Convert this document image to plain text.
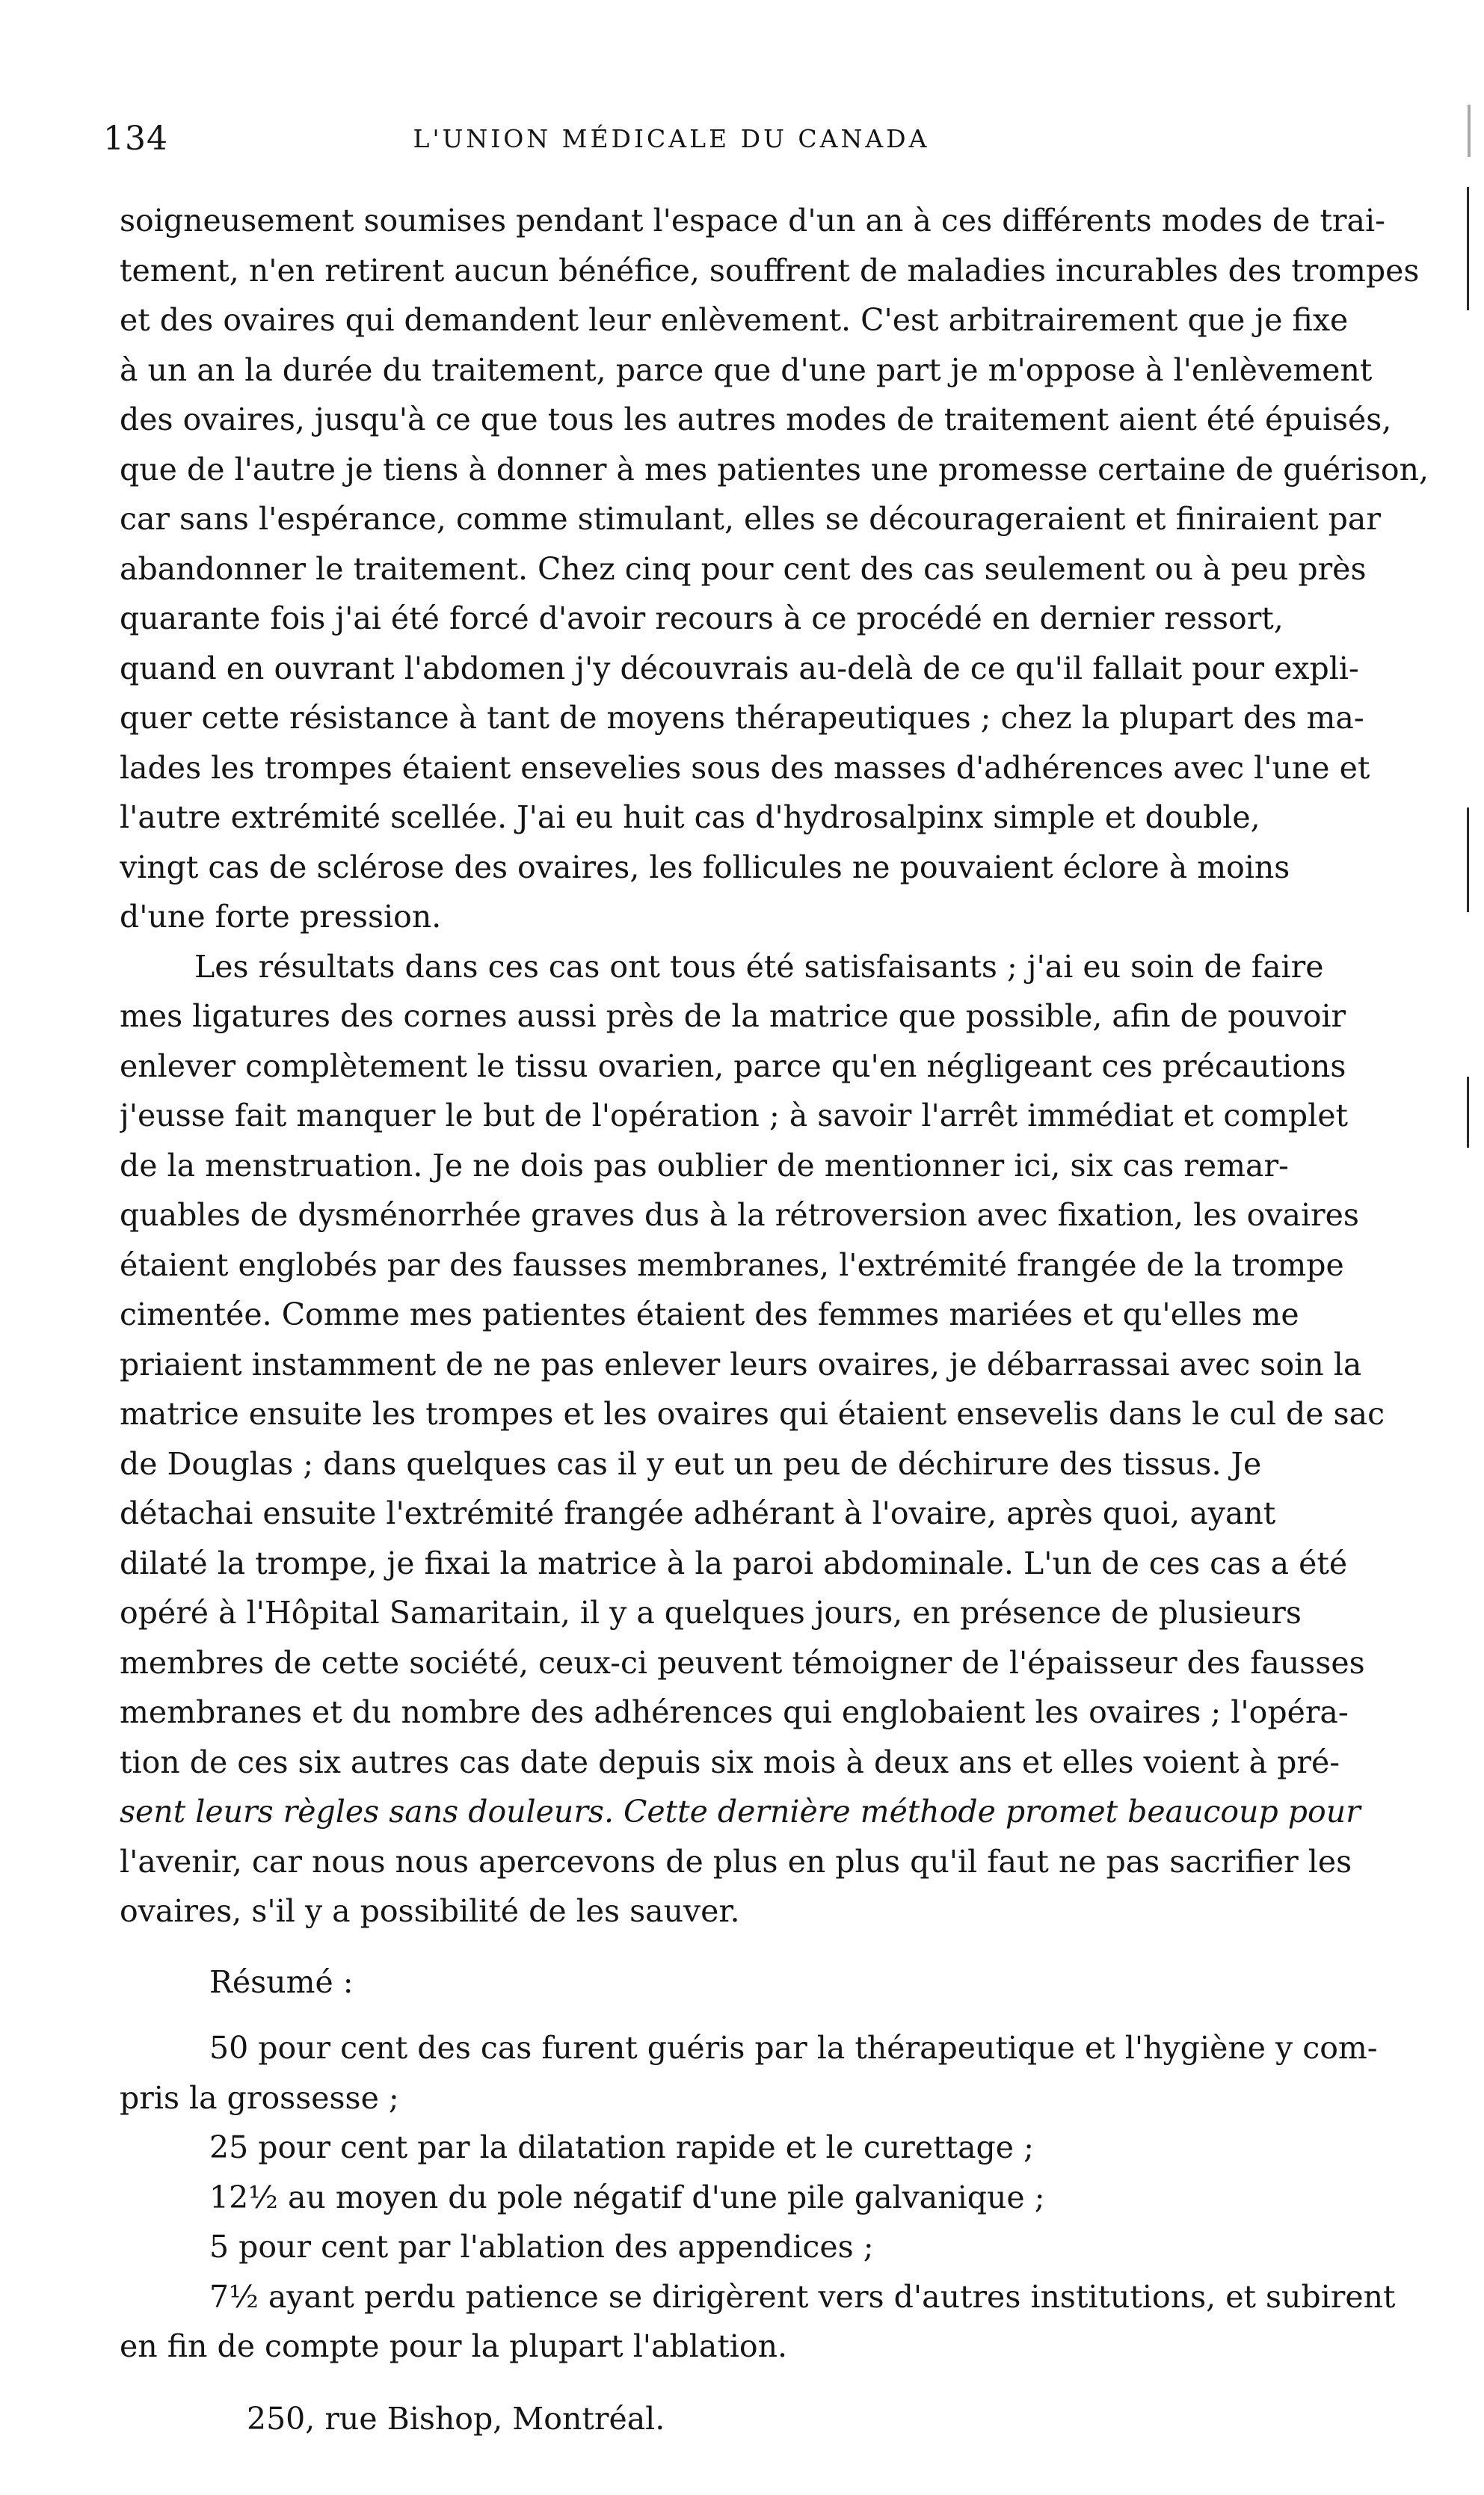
134	L'UNION MÉDICALE DU CANADA

soigneusement soumises pendant l'espace d'un an à ces différents modes de trai-
tement, n'en retirent aucun bénéfice, souffrent de maladies incurables des trompes
et des ovaires qui demandent leur enlèvement. C'est arbitrairement que je fixe
à un an la durée du traitement, parce que d'une part je m'oppose à l'enlèvement
des ovaires, jusqu'à ce que tous les autres modes de traitement aient été épuisés,
que de l'autre je tiens à donner à mes patientes une promesse certaine de guérison,
car sans l'espérance, comme stimulant, elles se décourageraient et finiraient par
abandonner le traitement. Chez cinq pour cent des cas seulement ou à peu près
quarante fois j'ai été forcé d'avoir recours à ce procédé en dernier ressort,
quand en ouvrant l'abdomen j'y découvrais au-delà de ce qu'il fallait pour expli-
quer cette résistance à tant de moyens thérapeutiques ; chez la plupart des ma-
lades les trompes étaient ensevelies sous des masses d'adhérences avec l'une et
l'autre extrémité scellée. J'ai eu huit cas d'hydrosalpinx simple et double,
vingt cas de sclérose des ovaires, les follicules ne pouvaient éclore à moins
d'une forte pression.

Les résultats dans ces cas ont tous été satisfaisants ; j'ai eu soin de faire
mes ligatures des cornes aussi près de la matrice que possible, afin de pouvoir
enlever complètement le tissu ovarien, parce qu'en négligeant ces précautions
j'eusse fait manquer le but de l'opération ; à savoir l'arrêt immédiat et complet
de la menstruation. Je ne dois pas oublier de mentionner ici, six cas remar-
quables de dysménorrhée graves dus à la rétroversion avec fixation, les ovaires
étaient englobés par des fausses membranes, l'extrémité frangée de la trompe
cimentée. Comme mes patientes étaient des femmes mariées et qu'elles me
priaient instamment de ne pas enlever leurs ovaires, je débarrassai avec soin la
matrice ensuite les trompes et les ovaires qui étaient ensevelis dans le cul de sac
de Douglas ; dans quelques cas il y eut un peu de déchirure des tissus. Je
détachai ensuite l'extrémité frangée adhérant à l'ovaire, après quoi, ayant
dilaté la trompe, je fixai la matrice à la paroi abdominale. L'un de ces cas a été
opéré à l'Hôpital Samaritain, il y a quelques jours, en présence de plusieurs
membres de cette société, ceux-ci peuvent témoigner de l'épaisseur des fausses
membranes et du nombre des adhérences qui englobaient les ovaires ; l'opéra-
tion de ces six autres cas date depuis six mois à deux ans et elles voient à pré-
sent leurs règles sans douleurs. Cette dernière méthode promet beaucoup pour
l'avenir, car nous nous apercevons de plus en plus qu'il faut ne pas sacrifier les
ovaires, s'il y a possibilité de les sauver.

Résumé :

50 pour cent des cas furent guéris par la thérapeutique et l'hygiène y com-
pris la grossesse ;

25 pour cent par la dilatation rapide et le curettage ;
12½ au moyen du pole négatif d'une pile galvanique ;
5 pour cent par l'ablation des appendices ;

7½ ayant perdu patience se dirigèrent vers d'autres institutions, et subirent
en fin de compte pour la plupart l'ablation.

250, rue Bishop, Montréal.
